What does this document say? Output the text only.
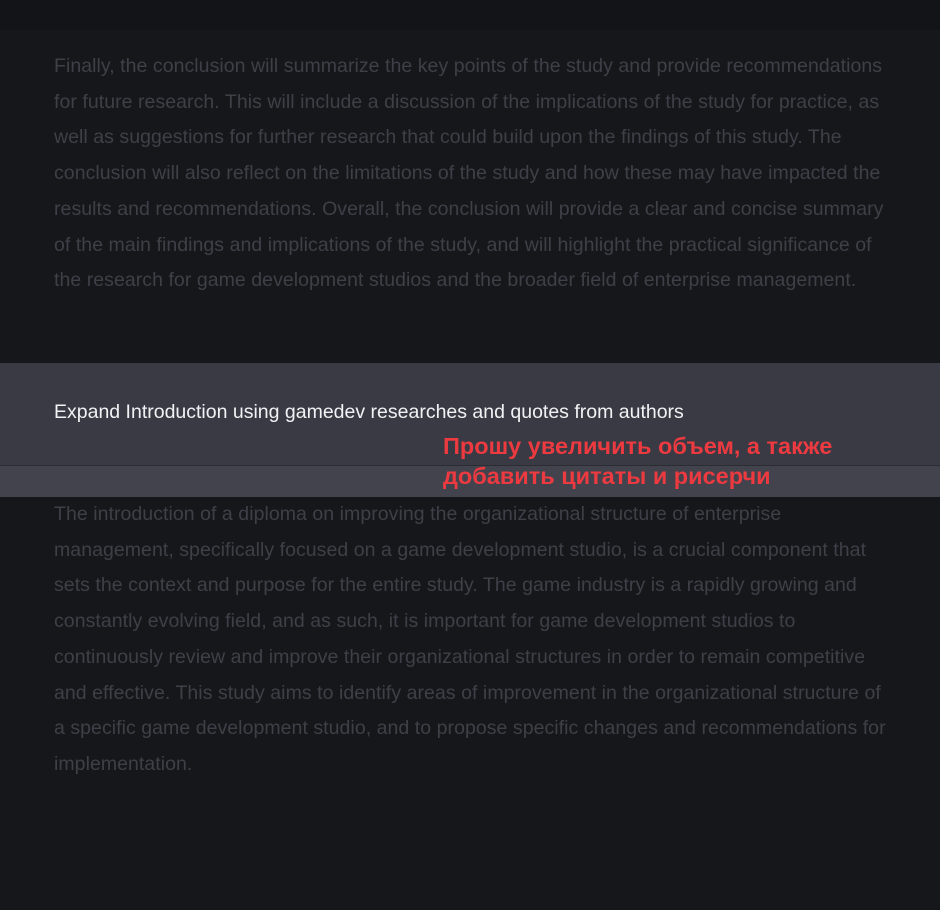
Finally, the conclusion will summarize the key points of the study and provide recommendations for future research. This will include a discussion of the implications of the study for practice, as well as suggestions for further research that could build upon the findings of this study. The conclusion will also reflect on the limitations of the study and how these may have impacted the results and recommendations. Overall, the conclusion will provide a clear and concise summary of the main findings and implications of the study, and will highlight the practical significance of the research for game development studios and the broader field of enterprise management.

Expand Introduction using gamedev researches and quotes from authors
Прошу увеличить объем, а также
добавить цитаты и рисерчи

The introduction of a diploma on improving the organizational structure of enterprise management, specifically focused on a game development studio, is a crucial component that sets the context and purpose for the entire study. The game industry is a rapidly growing and constantly evolving field, and as such, it is important for game development studios to continuously review and improve their organizational structures in order to remain competitive and effective. This study aims to identify areas of improvement in the organizational structure of a specific game development studio, and to propose specific changes and recommendations for implementation.
